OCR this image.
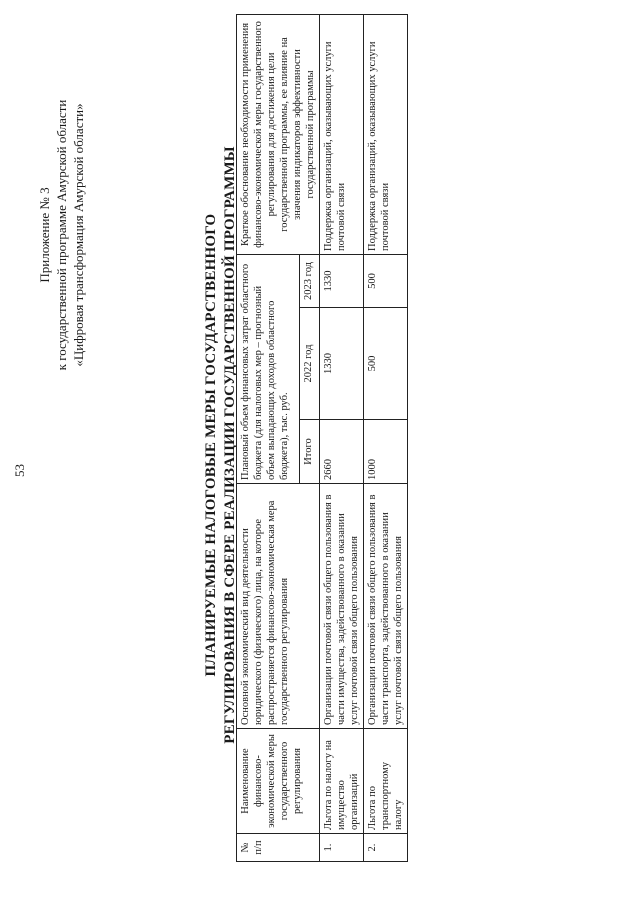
53
Приложение № 3 к государственной программе Амурской области «Цифровая трансформация Амурской области»	ПЛАНИРУЕМЫЕ НАЛОГОВЫЕ МЕРЫ ГОСУДАРСТВЕННОГО РЕГУЛИРОВАНИЯ В СФЕРЕ РЕАЛИЗАЦИИ ГОСУДАРСТВЕННОЙ ПРОГРАММЫ
№ п/п	Наименование финансово-экономической меры государственного регулирования	Основной экономический вид деятельности юридического (физического) лица, на которое распространяется финансово-экономическая мера государственного регулирования	Плановый объем финансовых затрат областного бюджета (для налоговых мер – прогнозный объем выпадающих доходов областного бюджета), тыс. руб.			Краткое обоснование необходимости применения финансово-экономической меры государственного регулирования для достижения цели государственной программы, ее влияние на значения индикаторов эффективности государственной программы
			Итого	2022 год	2023 год	
1.	Льгота по налогу на имущество организаций	Организации почтовой связи общего пользования в части имущества, задействованного в оказании услуг почтовой связи общего пользования	2660	1330	1330	Поддержка организаций, оказывающих услуги почтовой связи
2.	Льгота по транспортному налогу	Организации почтовой связи общего пользования в части транспорта, задействованного в оказании услуг почтовой связи общего пользования	1000	500	500	Поддержка организаций, оказывающих услуги почтовой связи
